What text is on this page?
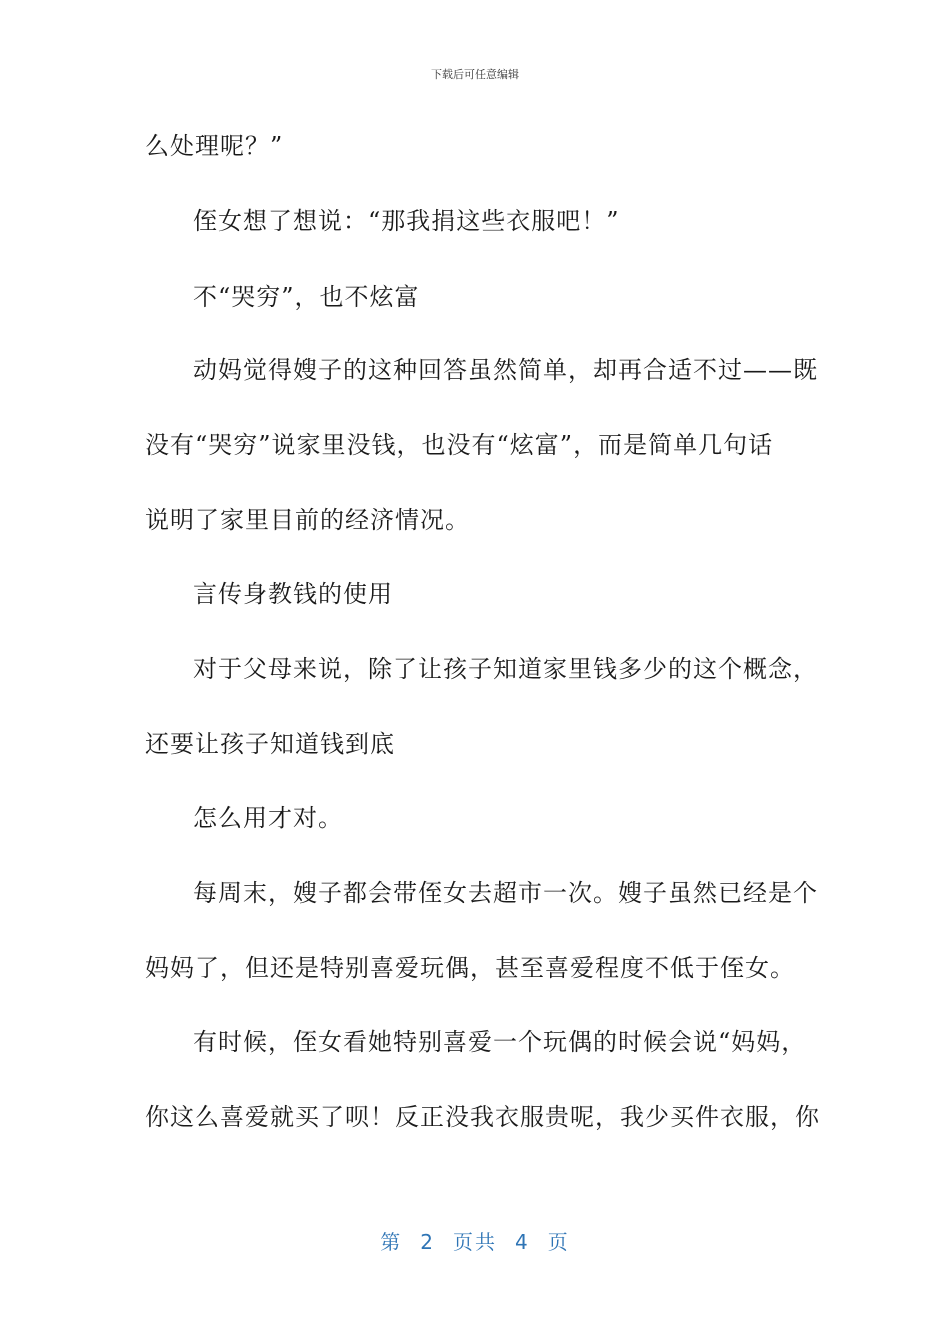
下载后可任意编辑
么处理呢？”
侄女想了想说：“那我捐这些衣服吧！”
不“哭穷”，也不炫富
动妈觉得嫂子的这种回答虽然简单，却再合适不过——既
没有“哭穷”说家里没钱，也没有“炫富”，而是简单几句话
说明了家里目前的经济情况。
言传身教钱的使用
对于父母来说，除了让孩子知道家里钱多少的这个概念，
还要让孩子知道钱到底
怎么用才对。
每周末，嫂子都会带侄女去超市一次。嫂子虽然已经是个
妈妈了，但还是特别喜爱玩偶，甚至喜爱程度不低于侄女。
有时候，侄女看她特别喜爱一个玩偶的时候会说“妈妈，
你这么喜爱就买了呗！反正没我衣服贵呢，我少买件衣服，你
第 2 页共 4 页
